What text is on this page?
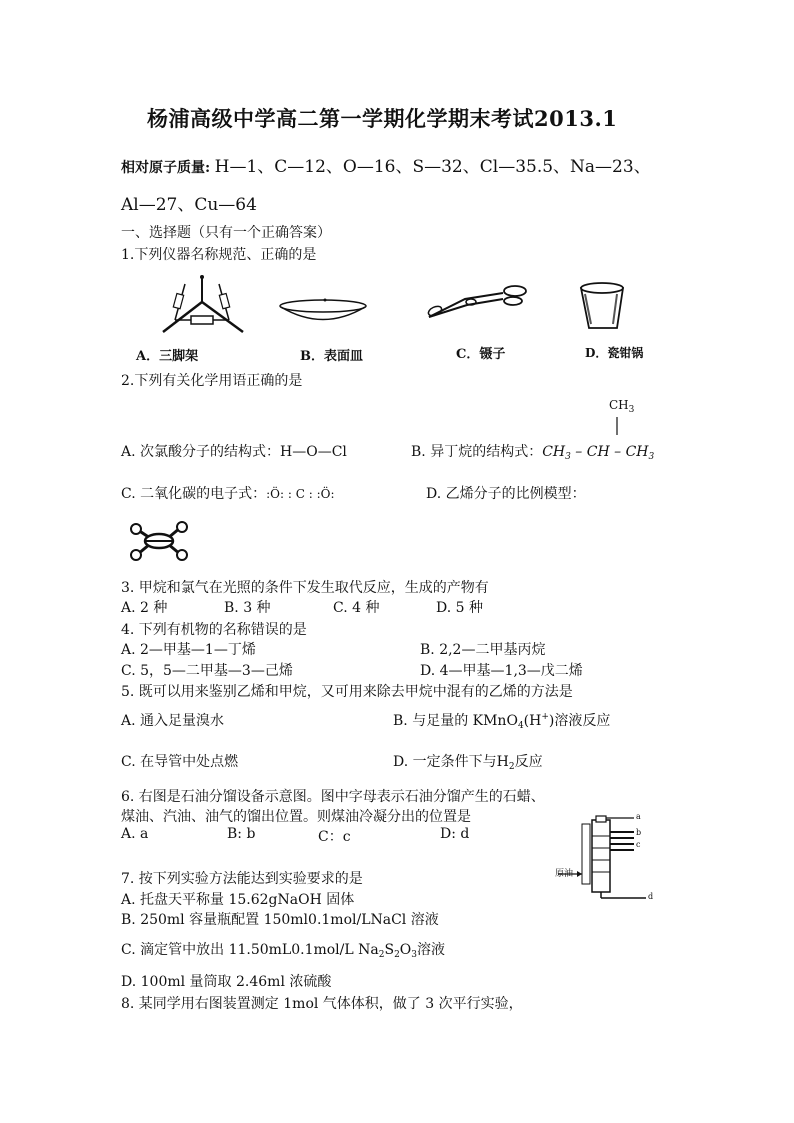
杨浦高级中学高二第一学期化学期末考试2013.1
相对原子质量: H—1、C—12、O—16、S—32、Cl—35.5、Na—23、
Al—27、Cu—64
一、选择题（只有一个正确答案）
1.下列仪器名称规范、正确的是
A．三脚架	B．表面皿	C．镊子	D．瓷钳锅
2.下列有关化学用语正确的是
$CH_3$
A. 次氯酸分子的结构式：H—O—Cl	B. 异丁烷的结构式：$CH_3$ – CH – $CH_3$
C. 二氧化碳的电子式：:Ö: : C : :Ö:	D. 乙烯分子的比例模型：
3. 甲烷和氯气在光照的条件下发生取代反应，生成的产物有
A. 2 种	B. 3 种	C. 4 种	D. 5 种
4. 下列有机物的名称错误的是
A. 2—甲基—1—丁烯	B. 2,2—二甲基丙烷
C. 5，5—二甲基—3—己烯	D. 4—甲基—1,3—戊二烯
5. 既可以用来鉴别乙烯和甲烷，又可用来除去甲烷中混有的乙烯的方法是
A. 通入足量溴水	B. 与足量的 KMnO$_4$(H+)溶液反应
C. 在导管中处点燃	D. 一定条件下与$H_2$反应
6. 右图是石油分馏设备示意图。图中字母表示石油分馏产生的石蜡、
煤油、汽油、油气的馏出位置。则煤油冷凝分出的位置是
A. a	B: b	C：c	D: d
原油
a
b
c
d
7. 按下列实验方法能达到实验要求的是
A. 托盘天平称量 15.62gNaOH 固体
B. 250ml 容量瓶配置 150ml0.1mol/LNaCl 溶液
C. 滴定管中放出 11.50mL0.1mol/L $Na_2S_2O_3$溶液
D. 100ml 量筒取 2.46ml 浓硫酸
8. 某同学用右图装置测定 1mol 气体体积，做了 3 次平行实验，
